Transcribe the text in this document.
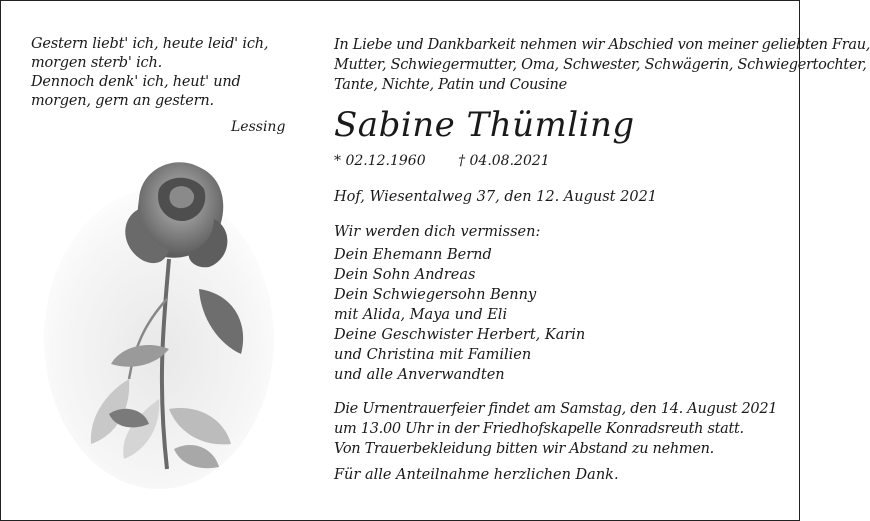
Gestern liebt' ich, heute leid' ich,
morgen sterb' ich.
Dennoch denk' ich, heut' und
morgen, gern an gestern.
Lessing
In Liebe und Dankbarkeit nehmen wir Abschied von meiner geliebten Frau,
Mutter, Schwiegermutter, Oma, Schwester, Schwägerin, Schwiegertochter,
Tante, Nichte, Patin und Cousine
Sabine Thümling
* 02.12.1960 † 04.08.2021
Hof, Wiesentalweg 37, den 12. August 2021
Wir werden dich vermissen:
Dein Ehemann Bernd
Dein Sohn Andreas
Dein Schwiegersohn Benny
mit Alida, Maya und Eli
Deine Geschwister Herbert, Karin
und Christina mit Familien
und alle Anverwandten
Die Urnentrauerfeier findet am Samstag, den 14. August 2021
um 13.00 Uhr in der Friedhofskapelle Konradsreuth statt.
Von Trauerbekleidung bitten wir Abstand zu nehmen.
Für alle Anteilnahme herzlichen Dank.
